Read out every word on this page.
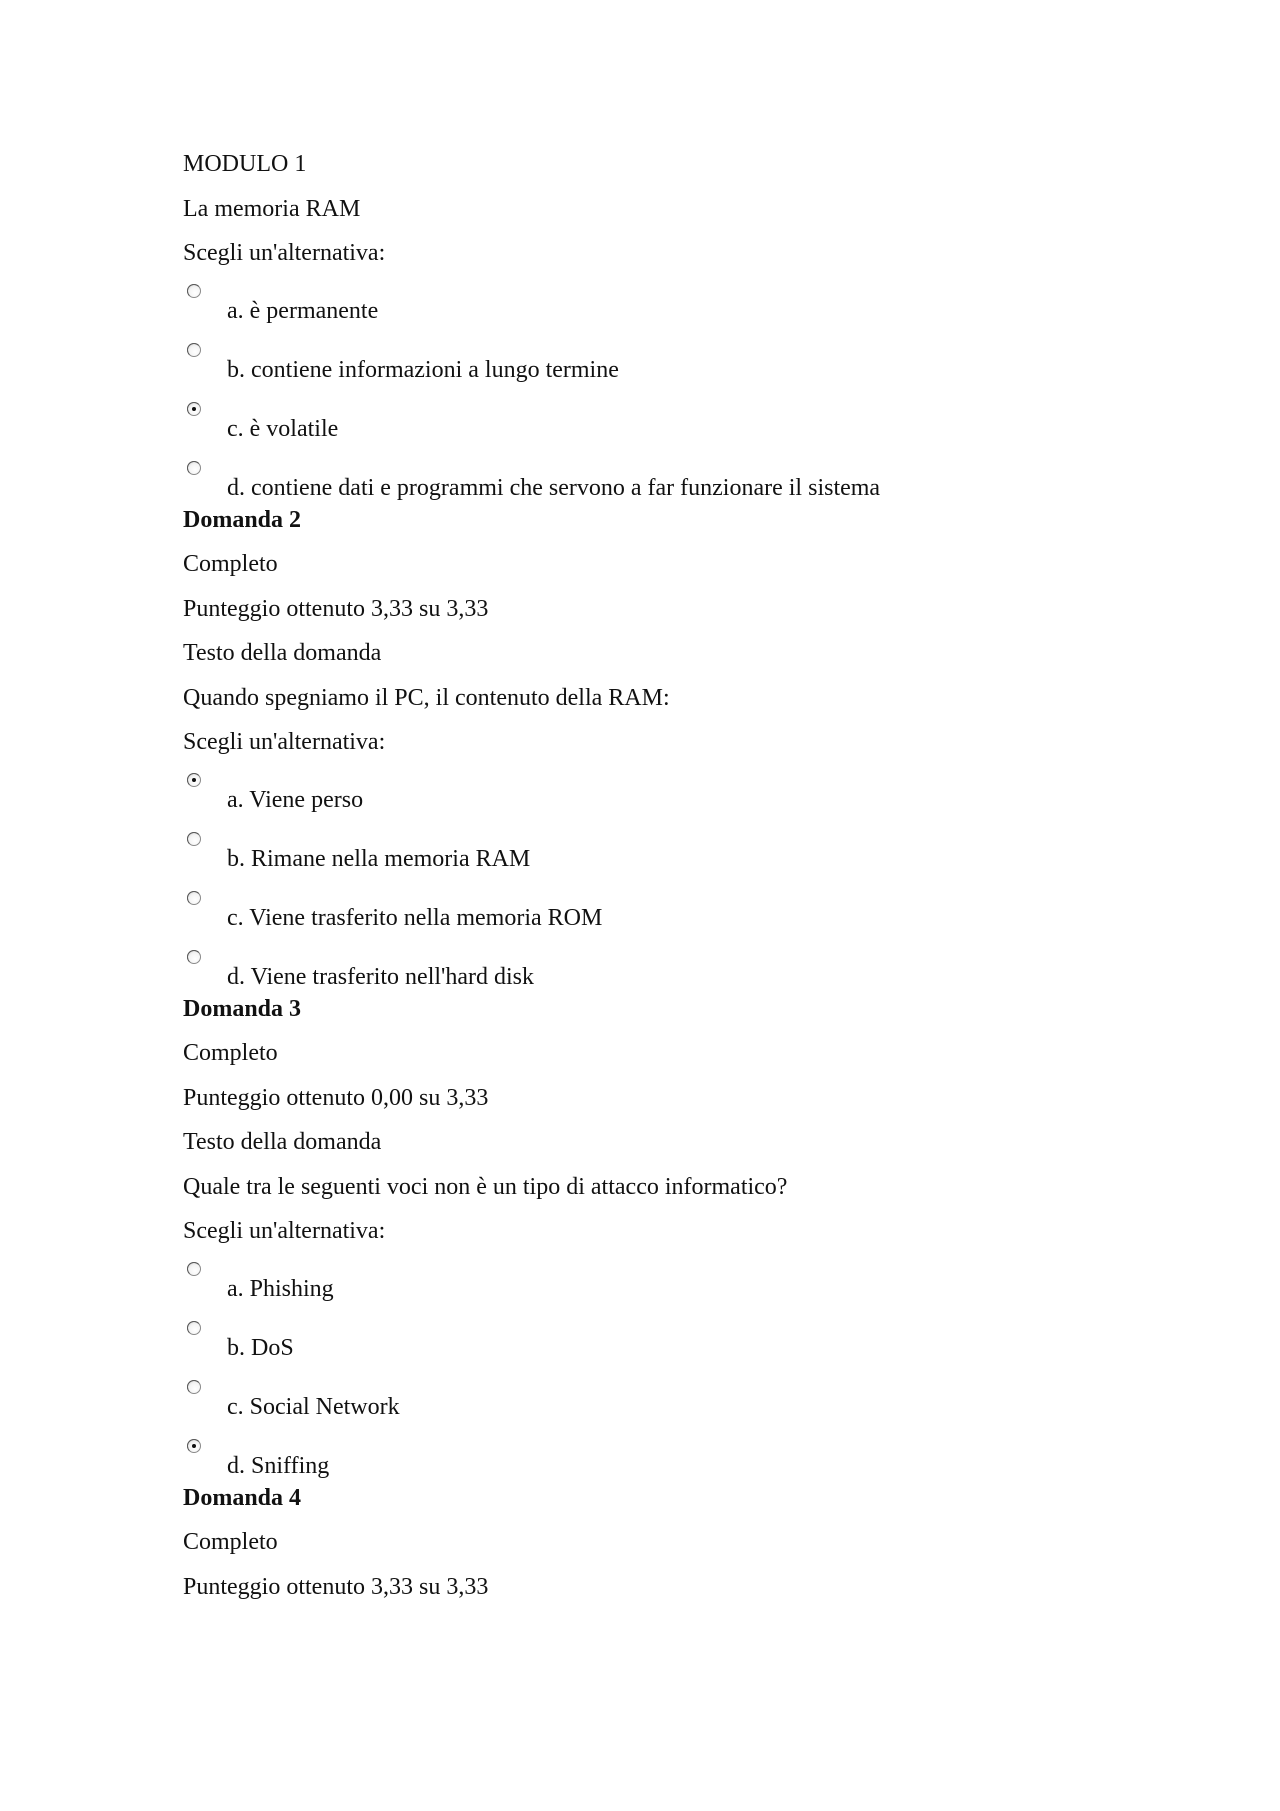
MODULO 1
La memoria RAM
Scegli un'alternativa:
a. è permanente
b. contiene informazioni a lungo termine
c. è volatile
d. contiene dati e programmi che servono a far funzionare il sistema
Domanda 2
Completo
Punteggio ottenuto 3,33 su 3,33
Testo della domanda
Quando spegniamo il PC, il contenuto della RAM:
Scegli un'alternativa:
a. Viene perso
b. Rimane nella memoria RAM
c. Viene trasferito nella memoria ROM
d. Viene trasferito nell'hard disk
Domanda 3
Completo
Punteggio ottenuto 0,00 su 3,33
Testo della domanda
Quale tra le seguenti voci non è un tipo di attacco informatico?
Scegli un'alternativa:
a. Phishing
b. DoS
c. Social Network
d. Sniffing
Domanda 4
Completo
Punteggio ottenuto 3,33 su 3,33
